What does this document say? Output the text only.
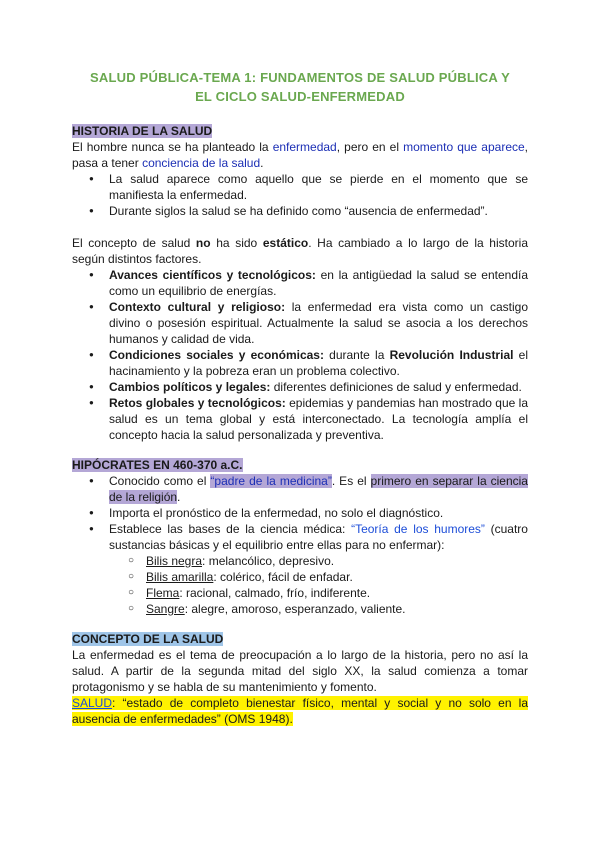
SALUD PÚBLICA-TEMA 1: FUNDAMENTOS DE SALUD PÚBLICA Y
EL CICLO SALUD-ENFERMEDAD
HISTORIA DE LA SALUD

El hombre nunca se ha planteado la enfermedad, pero en el momento que aparece, pasa a tener conciencia de la salud.

● La salud aparece como aquello que se pierde en el momento que se manifiesta la enfermedad.
● Durante siglos la salud se ha definido como “ausencia de enfermedad”.

El concepto de salud no ha sido estático. Ha cambiado a lo largo de la historia según distintos factores.

● Avances científicos y tecnológicos: en la antigüedad la salud se entendía como un equilibrio de energías.
● Contexto cultural y religioso: la enfermedad era vista como un castigo divino o posesión espiritual. Actualmente la salud se asocia a los derechos humanos y calidad de vida.
● Condiciones sociales y económicas: durante la Revolución Industrial el hacinamiento y la pobreza eran un problema colectivo.
● Cambios políticos y legales: diferentes definiciones de salud y enfermedad.
● Retos globales y tecnológicos: epidemias y pandemias han mostrado que la salud es un tema global y está interconectado. La tecnología amplía el concepto hacia la salud personalizada y preventiva.
HIPÓCRATES EN 460-370 a.C.
● Conocido como el “padre de la medicina”. Es el primero en separar la ciencia de la religión.
● Importa el pronóstico de la enfermedad, no solo el diagnóstico.
● Establece las bases de la ciencia médica: “Teoría de los humores” (cuatro sustancias básicas y el equilibrio entre ellas para no enfermar):
○ Bilis negra: melancólico, depresivo.
○ Bilis amarilla: colérico, fácil de enfadar.
○ Flema: racional, calmado, frío, indiferente.
○ Sangre: alegre, amoroso, esperanzado, valiente.
CONCEPTO DE LA SALUD

La enfermedad es el tema de preocupación a lo largo de la historia, pero no así la salud. A partir de la segunda mitad del siglo XX, la salud comienza a tomar protagonismo y se habla de su mantenimiento y fomento.

SALUD: “estado de completo bienestar físico, mental y social y no solo en la ausencia de enfermedades” (OMS 1948).
